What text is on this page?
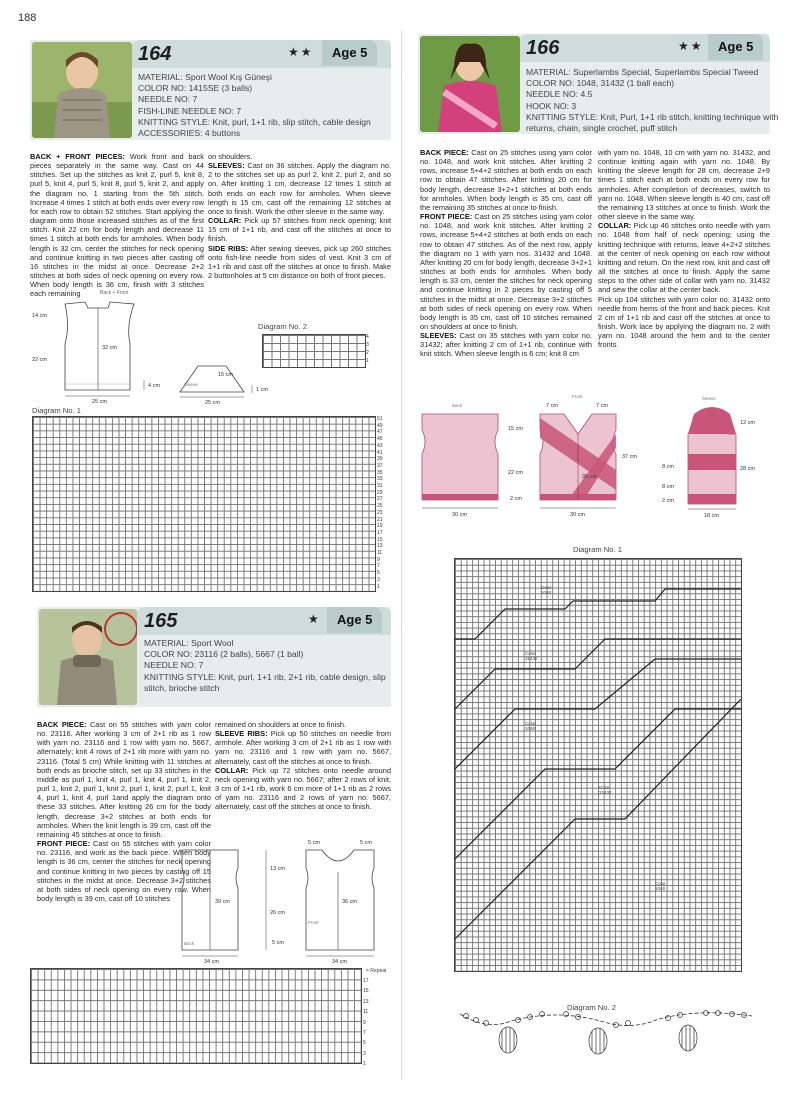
188
164	★★	Age 5
MATERIAL: Sport Wool Kış Güneşi
COLOR NO: 1415SE (3 balls)
NEEDLE NO: 7
FISH-LINE NEEDLE NO: 7
KNITTING STYLE: Knit, purl, 1+1 rib, slip stitch, cable design
ACCESSORIES: 4 buttons
BACK + FRONT PIECES: Work front and back pieces separately in the same way. Cast on 44 stitches. Set up the stitches as knit 2, purl 5, knit 8, purl 5, knit 4, purl 5, knit 8, purl 5, knit 2, and apply the diagram no. 1 starting from the 5th stitch. Increase 4 times 1 stitch at both ends over every row for each row to obtain 52 stitches. Start applying the diagram onto those increased stitches as of the first stitch. Knit 22 cm for body length and decrease 11 times 1 stitch at both ends for armholes. When body length is 32 cm, center the stitches for neck opening and continue knitting in two pieces after casting off 16 stitches in the midst at once. Decrease 2+2 stitches at both sides of neck opening on every row. When body length is 36 cm, finish with 3 stitches each remaining
on shoulders.
SLEEVES: Cast on 36 stitches. Apply the diagram no. 2 to the stitches set up as purl 2, knit 2, purl 2, and so on. After knitting 1 cm, decrease 12 times 1 stitch at both ends on each row for armholes. When sleeve length is 15 cm, cast off the remaining 12 stitches at once to finish. Work the other sleeve in the same way.
COLLAR: Pick up 57 stitches from neck opening; knit 15 cm of 1+1 rib, and cast off the stitches at once to finish.
SIDE RIBS: After sewing sleeves, pick up 260 stitches onto fish-line needle from sides of vest. Knit 3 cm of 1+1 rib and cast off the stitches at once to finish. Make 2 buttonholes at 5 cm distance on both of front pieces.
Back + Front
14 cm
22 cm
32 cm
4 cm
25 cm
Sleeve
15 cm
1 cm
25 cm
Diagram No. 2
4
3
2
1
Diagram No. 1
51
49
47
45
43
41
39
37
35
33
31
29
27
25
23
21
19
17
15
13
11
9
7
5
3
1
165	★	Age 5
MATERIAL: Sport Wool
COLOR NO: 23116 (2 balls), 5667 (1 ball)
NEEDLE NO: 7
KNITTING STYLE: Knit, purl, 1+1 rib, 2+1 rib, cable design, slip
stitch, brioche stitch
BACK PIECE: Cast on 55 stitches with yarn color no. 23116. After working 3 cm of 2+1 rib as 1 row with yarn no. 23116 and 1 row with yarn no. 5667, alternately; knit 4 rows of 2+1 rib more with yarn no. 23116. (Total 5 cm) While knitting with 11 stitches at both ends as brioche stitch, set up 33 stitches in the middle as purl 1, knit 4, purl 1, knit 4, purl 1, knit 2, purl 1, knit 2, purl 1, knit 2, purl 1, knit 2, purl 1, knit 4, purl 1, knit 4, purl 1and apply the diagram onto these 33 stitches. After knitting 26 cm for the body length, decrease 3+2 stitches at both ends for armholes. When the knit length is 39 cm, cast off the remaining 45 stitches at once to finish.
FRONT PIECE: Cast on 55 stitches with yarn color no. 23116, and work as the back piece. When body length is 36 cm, center the stitches for neck opening and continue knitting in two pieces by casting off 15 stitches in the midst at once. Decrease 3+2 stitches at both sides of neck opening on every row. When body length is 39 cm, cast off 10 stitches
remained on shoulders at once to finish.
SLEEVE RIBS: Pick up 50 stitches on needle from armhole. After working 3 cm of 2+1 rib as 1 row with yarn no. 23116 and 1 row with yarn no. 5667, alternately, cast off the stitches at once to finish.
COLLAR: Pick up 72 stitches onto needle around neck opening with yarn no. 5667; after 2 rows of knit, 3 cm of 1+1 rib, work 6 cm more of 1+1 rib as 2 rows of yarn no. 23116 and 2 rows of yarn no. 5667, alternately, cast off the stitches at once to finish.
39 cm
Back
34 cm
13 cm
26 cm
5 cm
5 cm	5 cm
36 cm
Front
34 cm
17
15
13
11
9
7
5
3
1
= Repeat
166	★★	Age 5
MATERIAL: Superlambs Special, Superlambs Special Tweed
COLOR NO: 1048, 31432 (1 ball each)
NEEDLE NO: 4.5
HOOK NO: 3
KNITTING STYLE: Knit, Purl, 1+1 rib stitch, knitting technique with
returns, chain, single crochet, puff stitch
BACK PIECE: Cast on 25 stitches using yarn color no. 1048, and work knit stitches. After knitting 2 rows, increase 5+4+2 stitches at both ends on each row to obtain 47 stitches. After knitting 20 cm for body length, decrease 3+2+1 stitches at both ends for armholes. When body length is 35 cm, cast off the remaining 35 stitches at once to finish.
FRONT PIECE: Cast on 25 stitches using yarn color no. 1048, and work knit stitches. After knitting 2 rows, increase 5+4+2 stitches at both ends on each row to obtain 47 stitches. As of the next row, apply the diagram no 1 with yarn nos. 31432 and 1048. After knitting 20 cm for body length, decrease 3+2+1 stitches at both ends for armholes. When body length is 33 cm, center the stitches for neck opening and continue knitting in 2 pieces by casting off 5 stitches in the midst at once. Decrease 3+2 stitches at both sides of neck opening on every row. When body length is 35 cm, cast off 10 stitches remained on shoulders at once to finish.
SLEEVES: Cast on 35 stitches with yarn color no. 31432; after knitting 2 cm of 1+1 rib, continue with knit stitch. When sleeve length is 6 cm; knit 8 cm
with yarn no. 1048, 10 cm with yarn no. 31432, and continue knitting again with yarn no. 1048. By knitting the sleeve length for 28 cm, decrease 2+9 times 1 stitch each at both ends on every row for armholes. After completion of decreases, switch to yarn no. 1048. When sleeve length is 40 cm, cast off the remaining 13 stitches at once to finish. Work the other sleeve in the same way.
COLLAR: Pick up 46 stitches onto needle with yarn no. 1048 from half of neck opening; using the knitting technique with returns, leave 4+2+2 stitches at the center of neck opening on each row without knitting and return. On the next row, knit and cast off all the stitches at once to finish. Apply the same steps to the other side of collar with yarn no. 31432 and sew the collar at the center back.
Pick up 104 stitches with yarn color no. 31432 onto needle from hems of the front and back pieces. Knit 2 cm of 1+1 rib and cast off the stitches at once to finish. Work lace by applying the diagram no. 2 with yarn no. 1048 around the hem and to the center fronts.
Back
15 cm
22 cm
2 cm
30 cm
Front
7 cm	7 cm
35 cm
37 cm
30 cm
Sleeve
12 cm
28 cm
8 cm
8 cm
2 cm
18 cm
Diagram No. 1
Color
1048
Color
31432
Color
1048
Color
31432
Color
1048
Diagram No. 2
